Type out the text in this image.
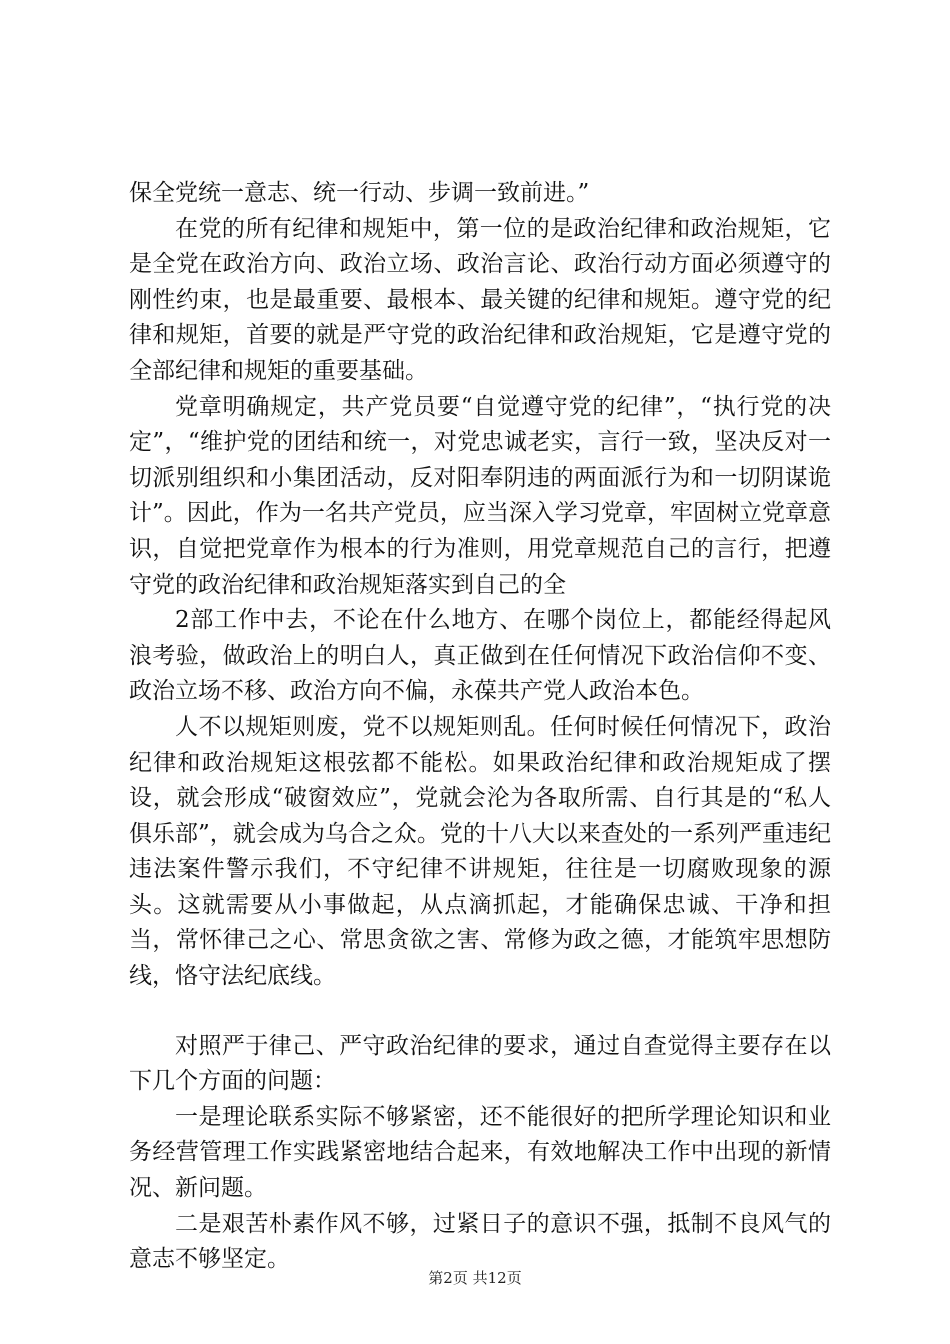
保全党统一意志、统一行动、步调一致前进。”

在党的所有纪律和规矩中，第一位的是政治纪律和政治规矩，它是全党在政治方向、政治立场、政治言论、政治行动方面必须遵守的刚性约束，也是最重要、最根本、最关键的纪律和规矩。遵守党的纪律和规矩，首要的就是严守党的政治纪律和政治规矩，它是遵守党的全部纪律和规矩的重要基础。

党章明确规定，共产党员要“自觉遵守党的纪律”，“执行党的决定”，“维护党的团结和统一，对党忠诚老实，言行一致，坚决反对一切派别组织和小集团活动，反对阳奉阴违的两面派行为和一切阴谋诡计”。因此，作为一名共产党员，应当深入学习党章，牢固树立党章意识，自觉把党章作为根本的行为准则，用党章规范自己的言行，把遵守党的政治纪律和政治规矩落实到自己的全

2部工作中去，不论在什么地方、在哪个岗位上，都能经得起风浪考验，做政治上的明白人，真正做到在任何情况下政治信仰不变、政治立场不移、政治方向不偏，永葆共产党人政治本色。

人不以规矩则废，党不以规矩则乱。任何时候任何情况下，政治纪律和政治规矩这根弦都不能松。如果政治纪律和政治规矩成了摆设，就会形成“破窗效应”，党就会沦为各取所需、自行其是的“私人俱乐部”，就会成为乌合之众。党的十八大以来查处的一系列严重违纪违法案件警示我们，不守纪律不讲规矩，往往是一切腐败现象的源头。这就需要从小事做起，从点滴抓起，才能确保忠诚、干净和担当，常怀律己之心、常思贪欲之害、常修为政之德，才能筑牢思想防线，恪守法纪底线。

对照严于律己、严守政治纪律的要求，通过自查觉得主要存在以下几个方面的问题：

一是理论联系实际不够紧密，还不能很好的把所学理论知识和业务经营管理工作实践紧密地结合起来，有效地解决工作中出现的新情况、新问题。

二是艰苦朴素作风不够，过紧日子的意识不强，抵制不良风气的意志不够坚定。

第2页 共12页
